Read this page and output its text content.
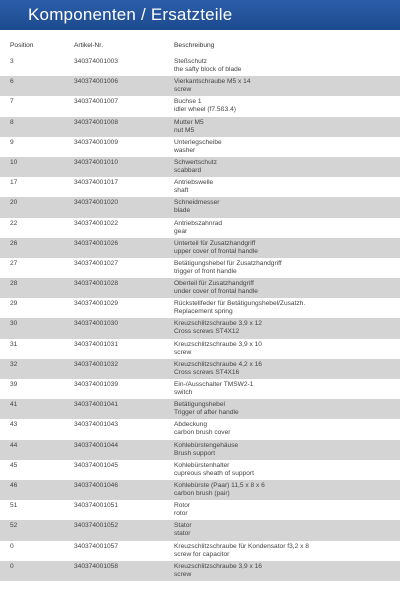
Komponenten / Ersatzteile
Position	Artikel-Nr.	Beschreibung
3	340374001003	Steßschutz
the safty block of blade
6	340374001006	Vierkantschraube M5 x 14
screw
7	340374001007	Buchse 1
idler wheel (f7.5ß3.4)
8	340374001008	Mutter M5
nut M5
9	340374001009	Unterlegscheibe
washer
10	340374001010	Schwertschutz
scabbard
17	340374001017	Antriebswelle
shaft
20	340374001020	Schneidmesser
blade
22	340374001022	Antriebszahnrad
gear
26	340374001026	Unterteil für Zusatzhandgriff
upper cover of frontal handle
27	340374001027	Betätigungshebel für Zusatzhandgriff
trigger of front handle
28	340374001028	Oberteil für Zusatzhandgriff
under cover of frontal handle
29	340374001029	Rückstellfeder für Betätigungshebel/Zusatzh.
Replacement spring
30	340374001030	Kreuzschlitzschraube 3,9 x 12
Cross screws ST4X12
31	340374001031	Kreuzschlitzschraube 3,9 x 10
screw
32	340374001032	Kreuzschlitzschraube 4,2 x 16
Cross screws ST4X16
39	340374001039	Ein-/Ausschalter TMSW2-1
switch
41	340374001041	Betätigungshebel
Trigger of after handle
43	340374001043	Abdeckung
carbon brush cover
44	340374001044	Kohlebürstengehäuse
Brush support
45	340374001045	Kohlebürstenhalter
cupreous sheath of support
46	340374001046	Kohlebürste (Paar) 11,5 x 8 x 6
carbon brush (pair)
51	340374001051	Rotor
rotor
52	340374001052	Stator
stator
0	340374001057	Kreuzschlitzschraube für Kondensator f3,2 x 8
screw for capacitor
0	340374001058	Kreuzschlitzschraube 3,9 x 16
screw
